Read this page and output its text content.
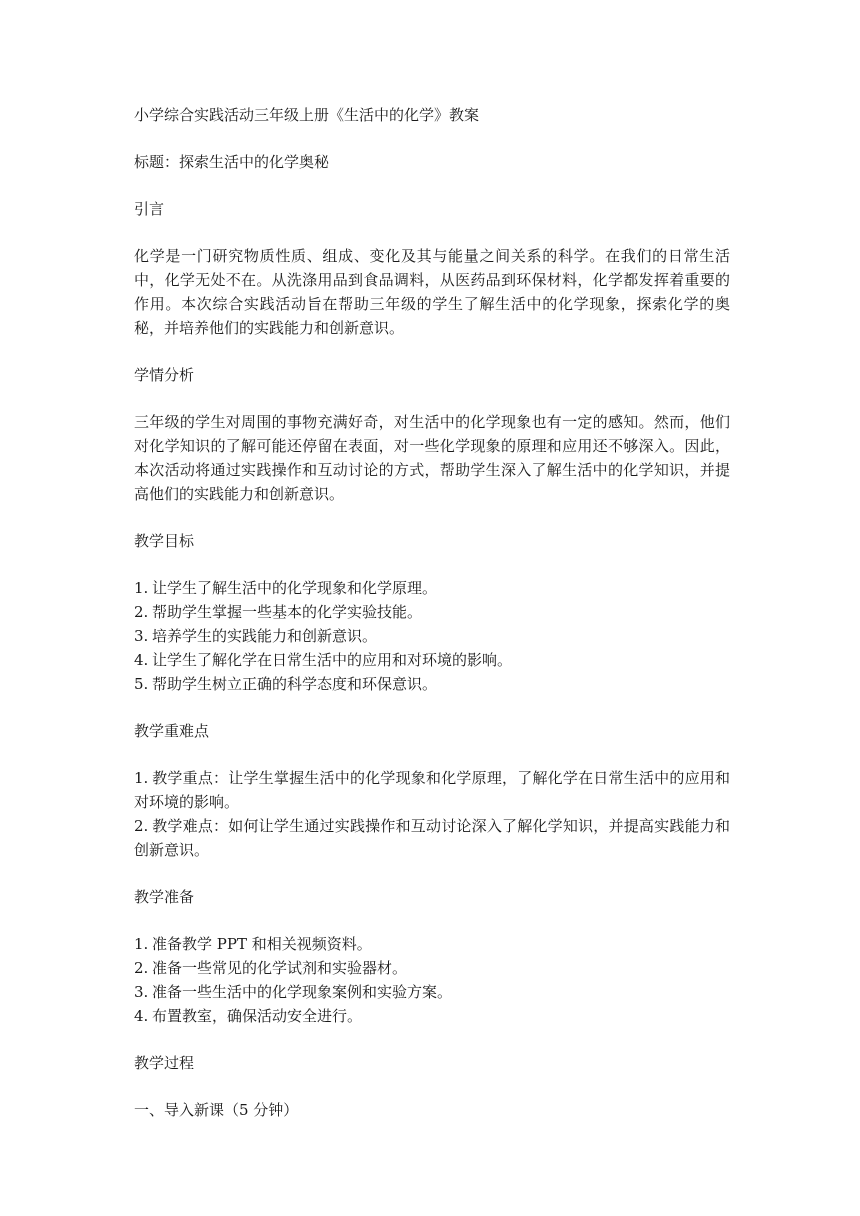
小学综合实践活动三年级上册《生活中的化学》教案

标题：探索生活中的化学奥秘

引言

化学是一门研究物质性质、组成、变化及其与能量之间关系的科学。在我们的日常生活中，化学无处不在。从洗涤用品到食品调料，从医药品到环保材料，化学都发挥着重要的作用。本次综合实践活动旨在帮助三年级的学生了解生活中的化学现象，探索化学的奥秘，并培养他们的实践能力和创新意识。

学情分析

三年级的学生对周围的事物充满好奇，对生活中的化学现象也有一定的感知。然而，他们对化学知识的了解可能还停留在表面，对一些化学现象的原理和应用还不够深入。因此，本次活动将通过实践操作和互动讨论的方式，帮助学生深入了解生活中的化学知识，并提高他们的实践能力和创新意识。

教学目标

1. 让学生了解生活中的化学现象和化学原理。
2. 帮助学生掌握一些基本的化学实验技能。
3. 培养学生的实践能力和创新意识。
4. 让学生了解化学在日常生活中的应用和对环境的影响。
5. 帮助学生树立正确的科学态度和环保意识。

教学重难点

1. 教学重点：让学生掌握生活中的化学现象和化学原理，了解化学在日常生活中的应用和对环境的影响。
2. 教学难点：如何让学生通过实践操作和互动讨论深入了解化学知识，并提高实践能力和创新意识。

教学准备

1. 准备教学 PPT 和相关视频资料。
2. 准备一些常见的化学试剂和实验器材。
3. 准备一些生活中的化学现象案例和实验方案。
4. 布置教室，确保活动安全进行。

教学过程

一、导入新课（5 分钟）
